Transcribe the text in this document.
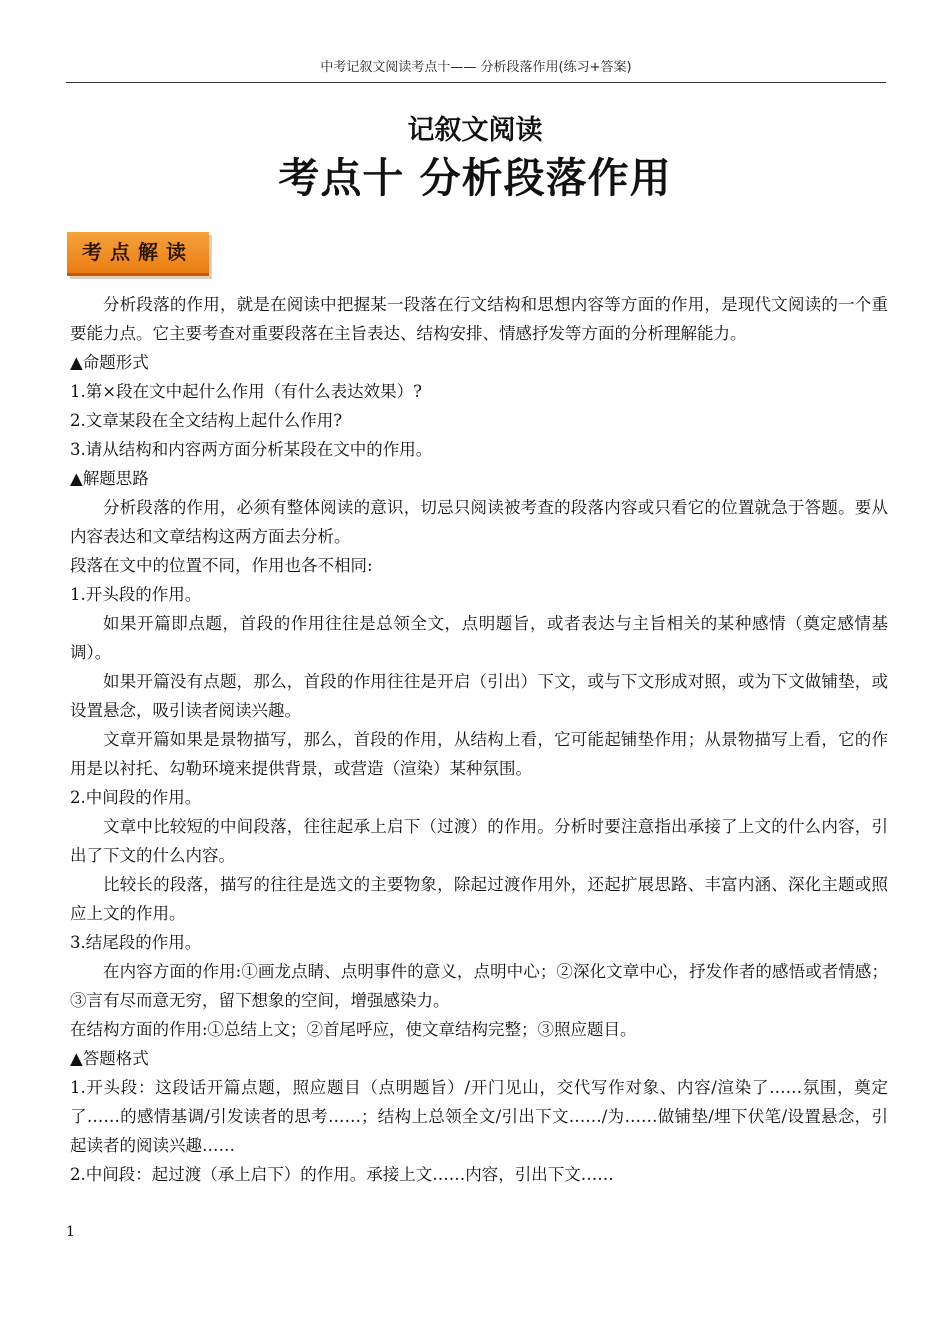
中考记叙文阅读考点十—— 分析段落作用(练习+答案)
记叙文阅读
考点十 分析段落作用
考点解读

分析段落的作用，就是在阅读中把握某一段落在行文结构和思想内容等方面的作用，是现代文阅读的一个重要能力点。它主要考查对重要段落在主旨表达、结构安排、情感抒发等方面的分析理解能力。

▲命题形式

1.第×段在文中起什么作用（有什么表达效果）?

2.文章某段在全文结构上起什么作用?

3.请从结构和内容两方面分析某段在文中的作用。

▲解题思路

分析段落的作用，必须有整体阅读的意识，切忌只阅读被考查的段落内容或只看它的位置就急于答题。要从内容表达和文章结构这两方面去分析。

段落在文中的位置不同，作用也各不相同:

1.开头段的作用。

如果开篇即点题，首段的作用往往是总领全文，点明题旨，或者表达与主旨相关的某种感情（奠定感情基调）。

如果开篇没有点题，那么，首段的作用往往是开启（引出）下文，或与下文形成对照，或为下文做铺垫，或设置悬念，吸引读者阅读兴趣。

文章开篇如果是景物描写，那么，首段的作用，从结构上看，它可能起铺垫作用；从景物描写上看，它的作用是以衬托、勾勒环境来提供背景，或营造（渲染）某种氛围。

2.中间段的作用。

文章中比较短的中间段落，往往起承上启下（过渡）的作用。分析时要注意指出承接了上文的什么内容，引出了下文的什么内容。

比较长的段落，描写的往往是选文的主要物象，除起过渡作用外，还起扩展思路、丰富内涵、深化主题或照应上文的作用。

3.结尾段的作用。

在内容方面的作用:①画龙点睛、点明事件的意义，点明中心；②深化文章中心，抒发作者的感悟或者情感；③言有尽而意无穷，留下想象的空间，增强感染力。

在结构方面的作用:①总结上文；②首尾呼应，使文章结构完整；③照应题目。

▲答题格式

1.开头段：这段话开篇点题，照应题目（点明题旨）/开门见山，交代写作对象、内容/渲染了……氛围，奠定了……的感情基调/引发读者的思考……；结构上总领全文/引出下文……/为……做铺垫/埋下伏笔/设置悬念，引起读者的阅读兴趣……

2.中间段：起过渡（承上启下）的作用。承接上文……内容，引出下文……

1
